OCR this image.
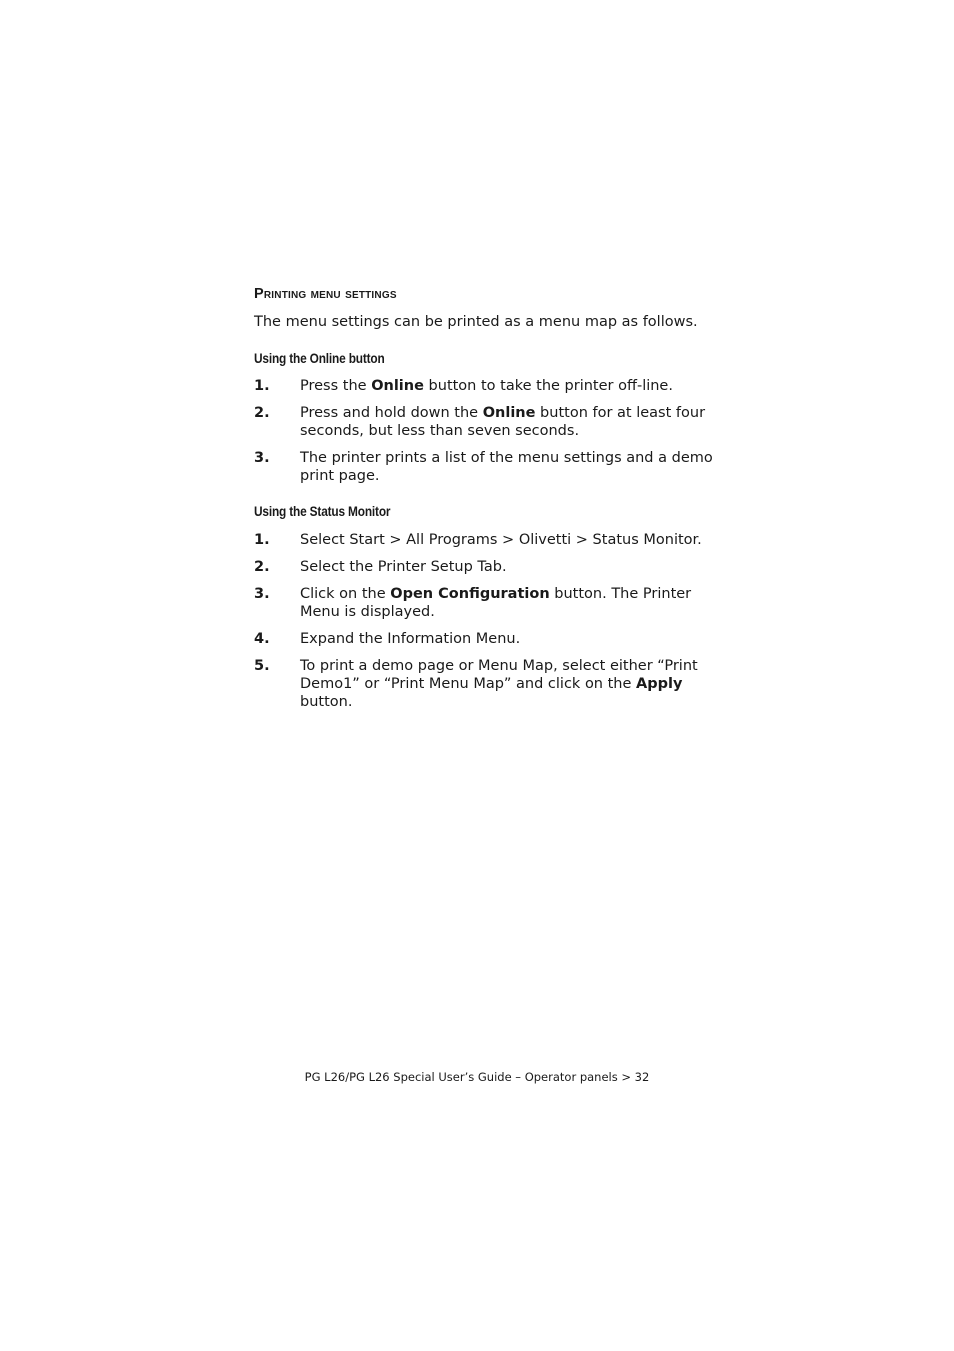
Printing menu settings

The menu settings can be printed as a menu map as follows.

Using the Online button
1. Press the Online button to take the printer off-line.
2. Press and hold down the Online button for at least four seconds, but less than seven seconds.
3. The printer prints a list of the menu settings and a demo print page.
Using the Status Monitor
1. Select Start > All Programs > Olivetti > Status Monitor.
2. Select the Printer Setup Tab.
3. Click on the Open Configuration button. The Printer Menu is displayed.
4. Expand the Information Menu.
5. To print a demo page or Menu Map, select either “Print Demo1” or “Print Menu Map” and click on the Apply button.
PG L26/PG L26 Special User’s Guide – Operator panels > 32
